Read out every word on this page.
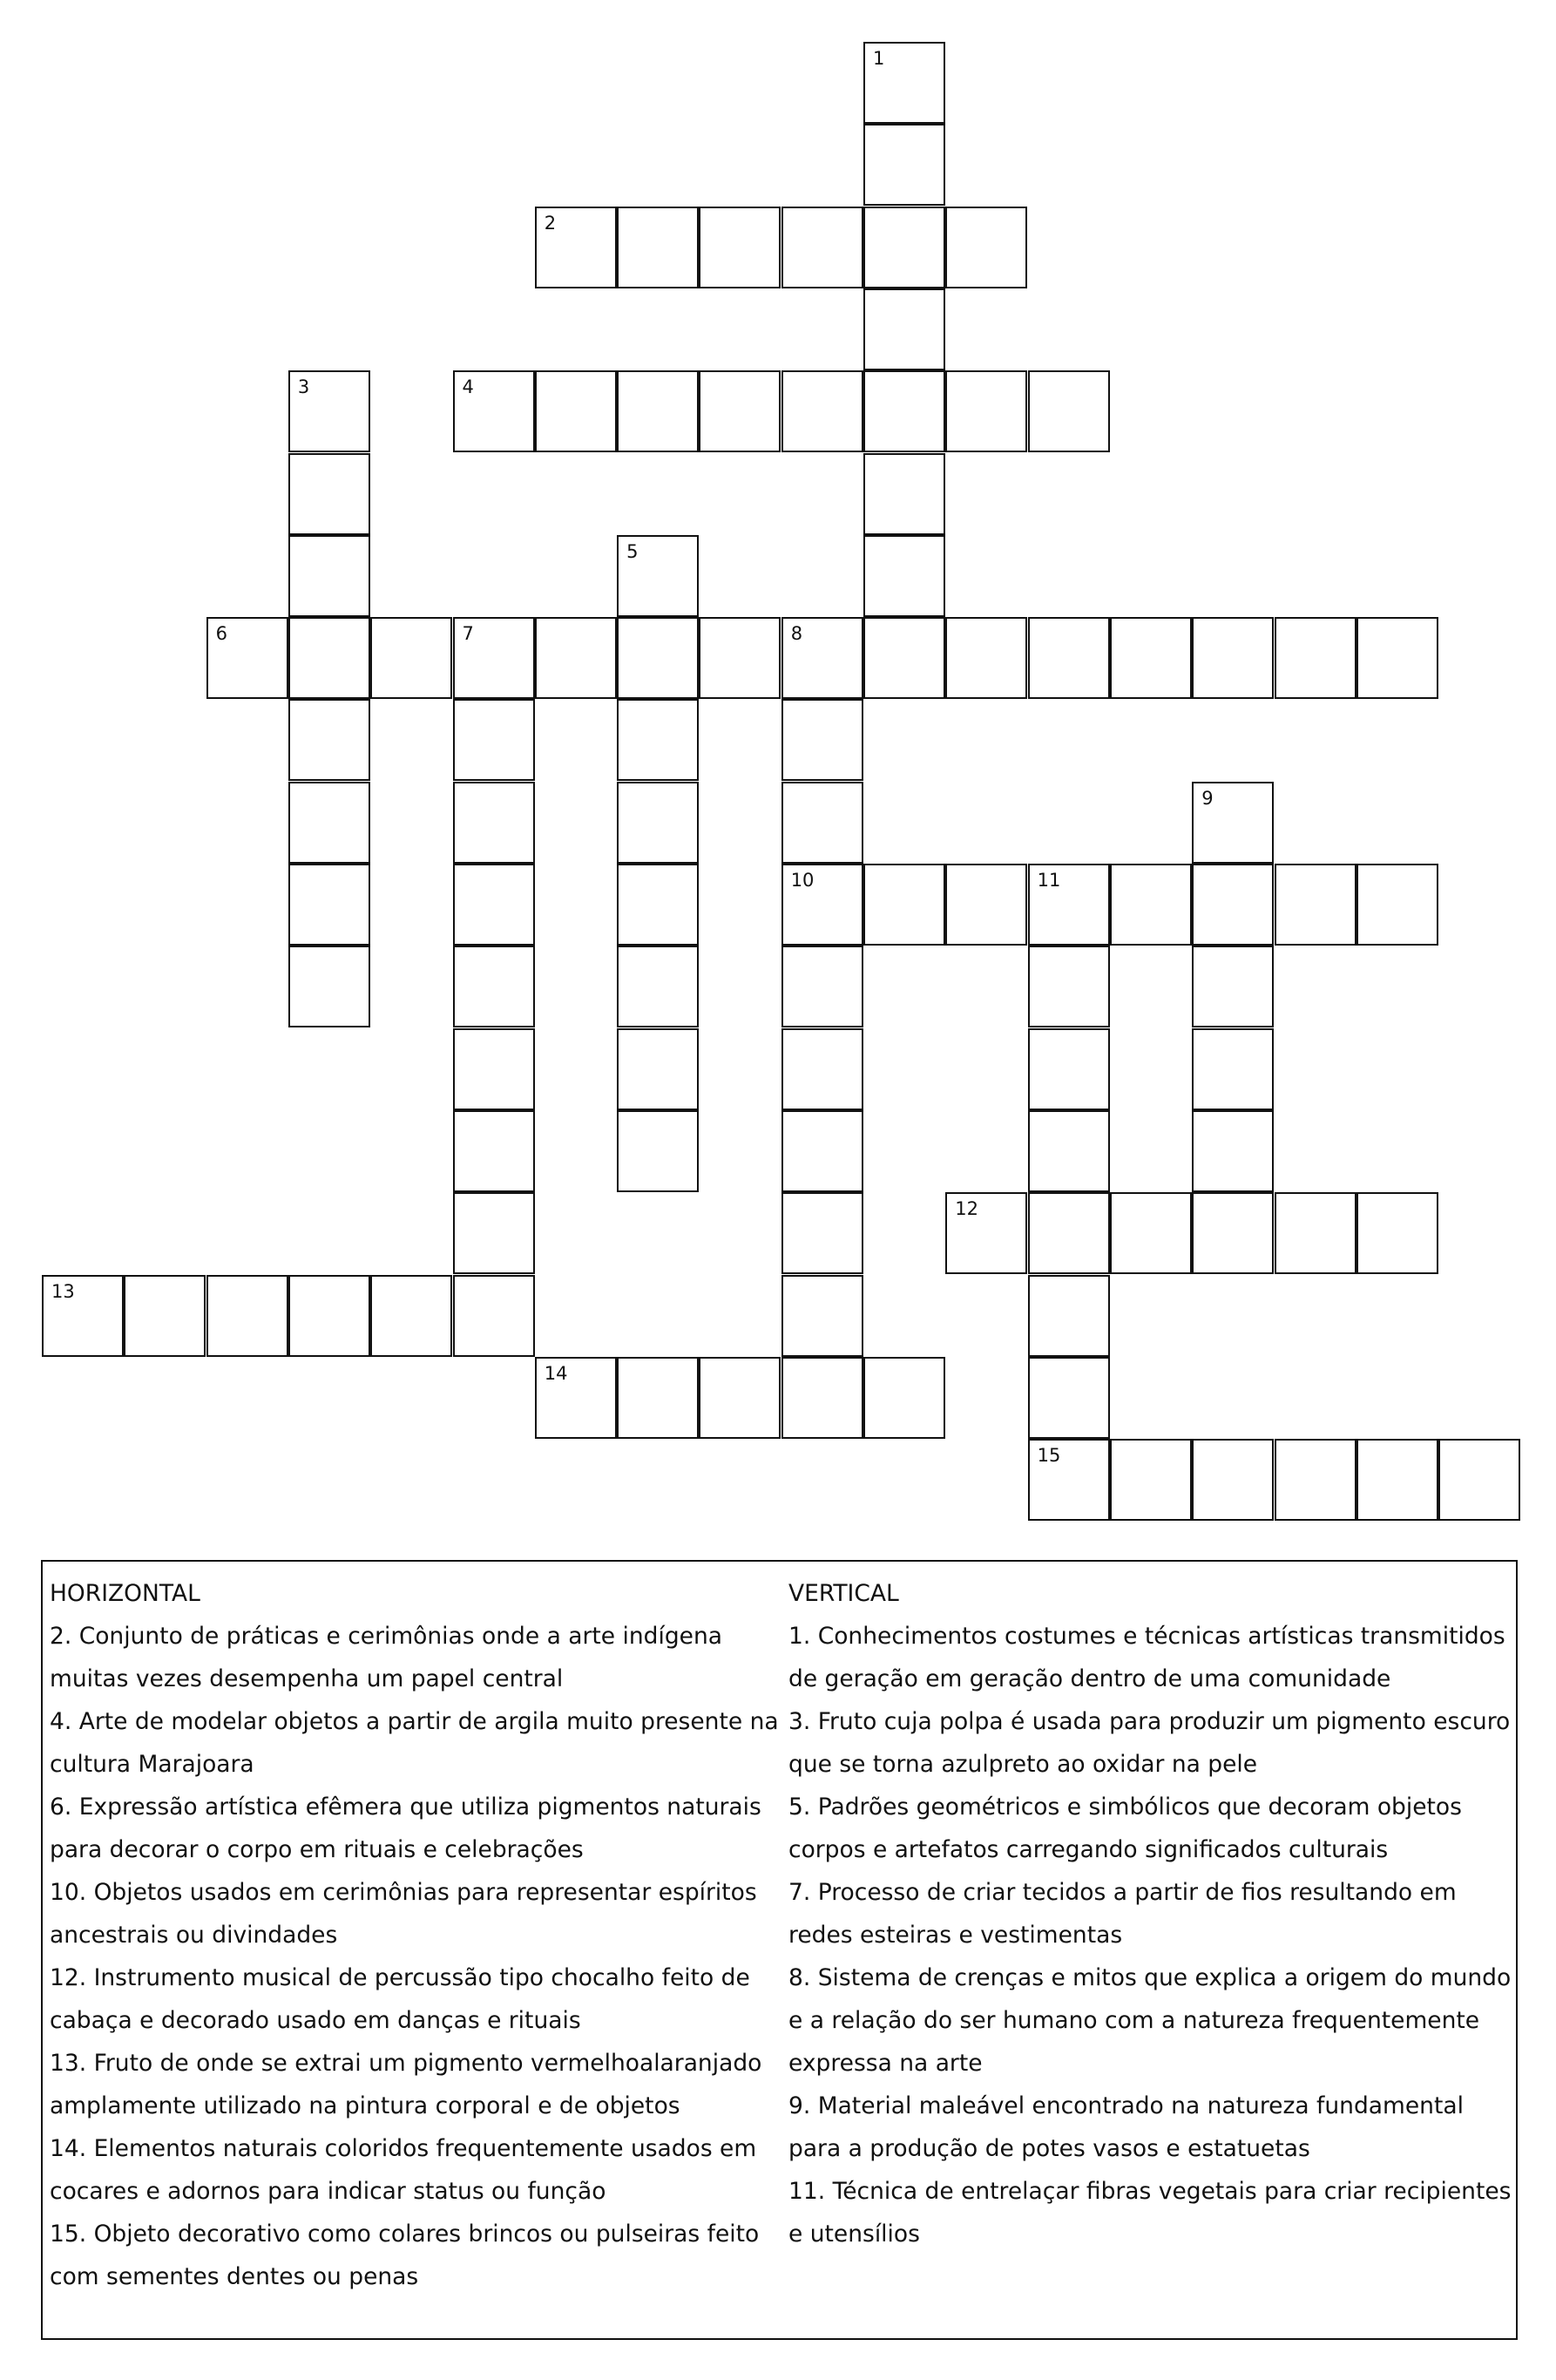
1
2
3	4
5
6	7	8
10
9
11
12
13
14
15

HORIZONTAL

2. Conjunto de práticas e cerimônias onde a arte indígena muitas vezes desempenha um papel central

4. Arte de modelar objetos a partir de argila muito presente na cultura Marajoara

6. Expressão artística efêmera que utiliza pigmentos naturais para decorar o corpo em rituais e celebrações

10. Objetos usados em cerimônias para representar espíritos ancestrais ou divindades

12. Instrumento musical de percussão tipo chocalho feito de cabaça e decorado usado em danças e rituais

13. Fruto de onde se extrai um pigmento vermelhoalaranjado amplamente utilizado na pintura corporal e de objetos

14. Elementos naturais coloridos frequentemente usados em cocares e adornos para indicar status ou função

15. Objeto decorativo como colares brincos ou pulseiras feito com sementes dentes ou penas

VERTICAL

1. Conhecimentos costumes e técnicas artísticas transmitidos de geração em geração dentro de uma comunidade

3. Fruto cuja polpa é usada para produzir um pigmento escuro que se torna azulpreto ao oxidar na pele

5. Padrões geométricos e simbólicos que decoram objetos corpos e artefatos carregando significados culturais

7. Processo de criar tecidos a partir de fios resultando em redes esteiras e vestimentas

8. Sistema de crenças e mitos que explica a origem do mundo e a relação do ser humano com a natureza frequentemente expressa na arte

9. Material maleável encontrado na natureza fundamental para a produção de potes vasos e estatuetas

11. Técnica de entrelaçar fibras vegetais para criar recipientes e utensílios
